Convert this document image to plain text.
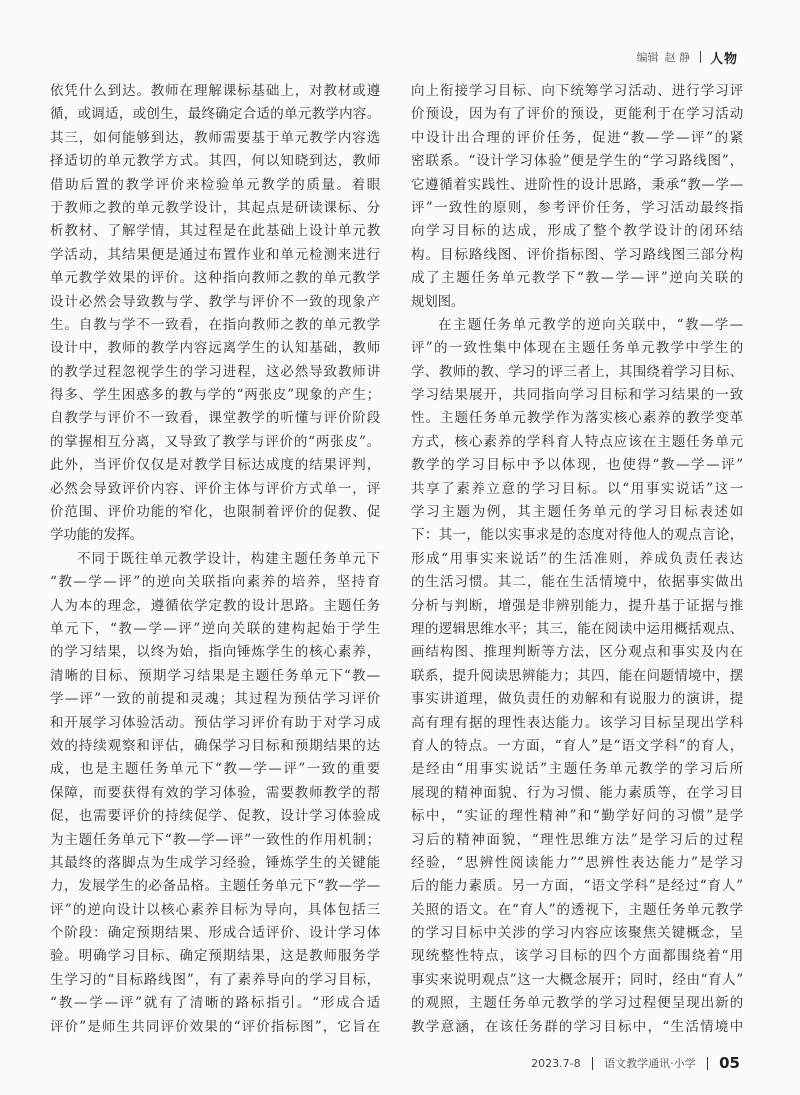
编辑 赵 静 人物
依凭什么到达。教师在理解课标基础上，对教材或遵
循，或调适，或创生，最终确定合适的单元教学内容。
其三，如何能够到达，教师需要基于单元教学内容选
择适切的单元教学方式。其四，何以知晓到达，教师
借助后置的教学评价来检验单元教学的质量。着眼
于教师之教的单元教学设计，其起点是研读课标、分
析教材、了解学情，其过程是在此基础上设计单元教
学活动，其结果便是通过布置作业和单元检测来进行
单元教学效果的评价。这种指向教师之教的单元教学
设计必然会导致教与学、教学与评价不一致的现象产
生。自教与学不一致看，在指向教师之教的单元教学
设计中，教师的教学内容远离学生的认知基础，教师
的教学过程忽视学生的学习进程，这必然导致教师讲
得多、学生困惑多的教与学的“两张皮”现象的产生；
自教学与评价不一致看，课堂教学的听懂与评价阶段
的掌握相互分离，又导致了教学与评价的“两张皮”。
此外，当评价仅仅是对教学目标达成度的结果评判，
必然会导致评价内容、评价主体与评价方式单一，评
价范围、评价功能的窄化，也限制着评价的促教、促
学功能的发挥。
不同于既往单元教学设计，构建主题任务单元下
“教—学—评”的逆向关联指向素养的培养，坚持育
人为本的理念，遵循依学定教的设计思路。主题任务
单元下，“教—学—评”逆向关联的建构起始于学生
的学习结果，以终为始，指向锤炼学生的核心素养，
清晰的目标、预期学习结果是主题任务单元下“教—
学—评”一致的前提和灵魂；其过程为预估学习评价
和开展学习体验活动。预估学习评价有助于对学习成
效的持续观察和评估，确保学习目标和预期结果的达
成，也是主题任务单元下“教—学—评”一致的重要
保障，而要获得有效的学习体验，需要教师教学的帮
促，也需要评价的持续促学、促教，设计学习体验成
为主题任务单元下“教—学—评”一致性的作用机制；
其最终的落脚点为生成学习经验，锤炼学生的关键能
力，发展学生的必备品格。主题任务单元下“教—学—
评”的逆向设计以核心素养目标为导向，具体包括三
个阶段：确定预期结果、形成合适评价、设计学习体
验。明确学习目标、确定预期结果，这是教师服务学
生学习的“目标路线图”，有了素养导向的学习目标，
“教—学—评”就有了清晰的路标指引。“形成合适
评价”是师生共同评价效果的“评价指标图”，它旨在
向上衔接学习目标、向下统筹学习活动、进行学习评
价预设，因为有了评价的预设，更能利于在学习活动
中设计出合理的评价任务，促进“教—学—评”的紧
密联系。“设计学习体验”便是学生的“学习路线图”，
它遵循着实践性、进阶性的设计思路，秉承“教—学—
评”一致性的原则，参考评价任务，学习活动最终指
向学习目标的达成，形成了整个教学设计的闭环结
构。目标路线图、评价指标图、学习路线图三部分构
成了主题任务单元教学下“教—学—评”逆向关联的
规划图。
在主题任务单元教学的逆向关联中，“教—学—
评”的一致性集中体现在主题任务单元教学中学生的
学、教师的教、学习的评三者上，其围绕着学习目标、
学习结果展开，共同指向学习目标和学习结果的一致
性。主题任务单元教学作为落实核心素养的教学变革
方式，核心素养的学科育人特点应该在主题任务单元
教学的学习目标中予以体现，也使得“教—学—评”
共享了素养立意的学习目标。以“用事实说话”这一
学习主题为例，其主题任务单元的学习目标表述如
下：其一，能以实事求是的态度对待他人的观点言论，
形成“用事实来说话”的生活准则，养成负责任表达
的生活习惯。其二，能在生活情境中，依据事实做出
分析与判断，增强是非辨别能力，提升基于证据与推
理的逻辑思维水平；其三，能在阅读中运用概括观点、
画结构图、推理判断等方法，区分观点和事实及内在
联系，提升阅读思辨能力；其四，能在问题情境中，摆
事实讲道理，做负责任的劝解和有说服力的演讲，提
高有理有据的理性表达能力。该学习目标呈现出学科
育人的特点。一方面，“育人”是“语文学科”的育人，
是经由“用事实说话”主题任务单元教学的学习后所
展现的精神面貌、行为习惯、能力素质等，在学习目
标中，“实证的理性精神”和“勤学好问的习惯”是学
习后的精神面貌，“理性思维方法”是学习后的过程
经验，“思辨性阅读能力”“思辨性表达能力”是学习
后的能力素质。另一方面，“语文学科”是经过“育人”
关照的语文。在“育人”的透视下，主题任务单元教学
的学习目标中关涉的学习内容应该聚焦关键概念，呈
现统整性特点，该学习目标的四个方面都围绕着“用
事实来说明观点”这一大概念展开；同时，经由“育人”
的观照，主题任务单元教学的学习过程便呈现出新的
教学意涵，在该任务群的学习目标中，“生活情境中
2023.7-8 语文教学通讯·小学 05
